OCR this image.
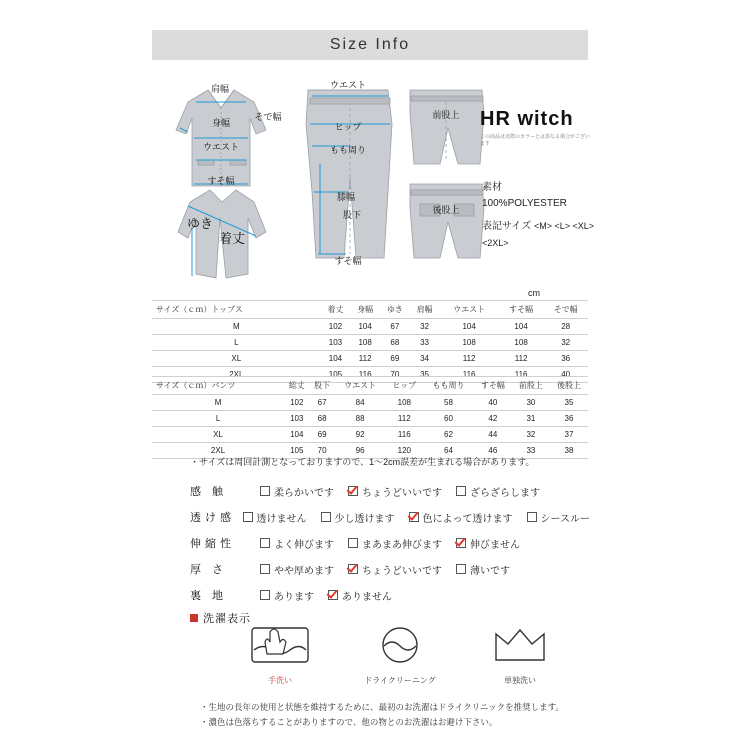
Size Info
肩幅
身幅
ウエスト
すそ幅
そで幅
ゆき
着丈
ウエスト
ヒップ
もも周り
膝幅
股下
すそ幅
前股上
後股上
HR witch
この商品は実際のカラーとは異なる場合がございます
素材
100%POLYESTER
表記サイズ <M> <L> <XL> <2XL>
cm
サイズ（ｃｍ）トップス	着丈	身幅	ゆき	肩幅	ウエスト	すそ幅	そで幅
M	102	104	67	32	104	104	28
L	103	108	68	33	108	108	32
XL	104	112	69	34	112	112	36
2XL	105	116	70	35	116	116	40
サイズ（ｃｍ）パンツ	総丈	股下	ウエスト	ヒップ	もも周り	すそ幅	前股上	後股上
M	102	67	84	108	58	40	30	35
L	103	68	88	112	60	42	31	36
XL	104	69	92	116	62	44	32	37
2XL	105	70	96	120	64	46	33	38
・サイズは周回計測となっておりますので、1〜2cm誤差が生まれる場合があります。
感 触	柔らかいです	ちょうどいいです	ざらざらします
透け感	透けません	少し透けます	色によって透けます	シースルー
伸縮性	よく伸びます	まあまあ伸びます	伸びません
厚 さ	やや厚めます	ちょうどいいです	薄いです
裏 地	あります	ありません
洗濯表示
手洗い	ドライクリーニング	単独洗い
・生地の長年の使用と状態を維持するために、最初のお洗濯はドライクリニックを推奨します。
・濃色は色落ちすることがありますので、他の物とのお洗濯はお避け下さい。
